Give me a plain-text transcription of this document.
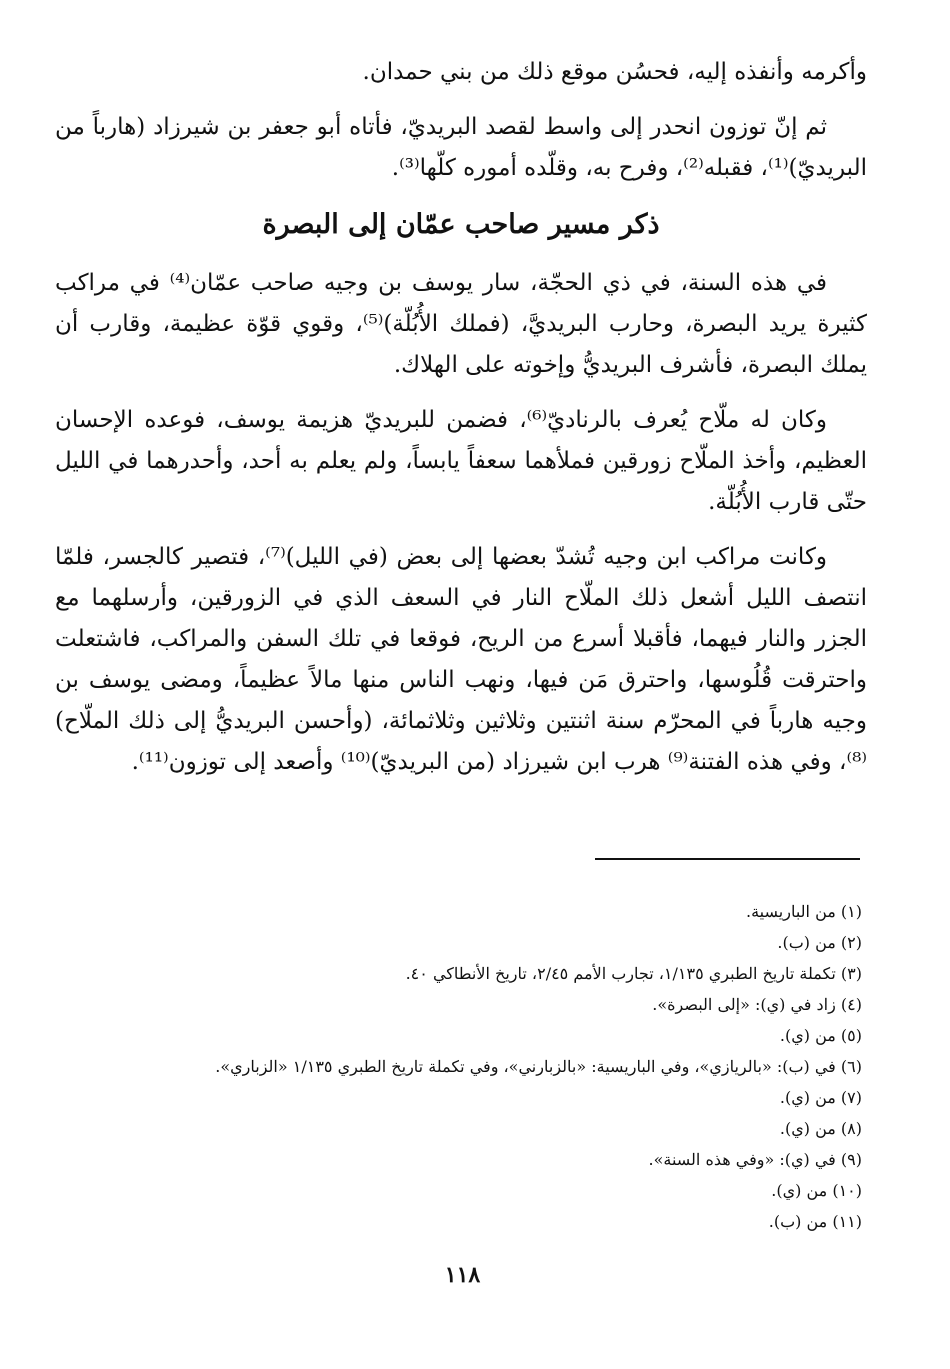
وأكرمه وأنفذه إليه، فحسُن موقع ذلك من بني حمدان.

ثم إنّ توزون انحدر إلى واسط لقصد البريديّ، فأتاه أبو جعفر بن شيرزاد (هارباً من البريديّ)⁽¹⁾، فقبله⁽²⁾، وفرح به، وقلّده أموره كلّها⁽³⁾.

ذكر مسير صاحب عمّان إلى البصرة

في هذه السنة، في ذي الحجّة، سار يوسف بن وجيه صاحب عمّان⁽⁴⁾ في مراكب كثيرة يريد البصرة، وحارب البريديَّ، (فملك الأُبُلّة)⁽⁵⁾، وقوي قوّة عظيمة، وقارب أن يملك البصرة، فأشرف البريديُّ وإخوته على الهلاك.

وكان له ملّاح يُعرف بالرناديّ⁽⁶⁾، فضمن للبريديّ هزيمة يوسف، فوعده الإحسان العظيم، وأخذ الملّاح زورقين فملأهما سعفاً يابساً، ولم يعلم به أحد، وأحدرهما في الليل حتّى قارب الأُبُلّة.

وكانت مراكب ابن وجيه تُشدّ بعضها إلى بعض (في الليل)⁽⁷⁾، فتصير كالجسر، فلمّا انتصف الليل أشعل ذلك الملّاح النار في السعف الذي في الزورقين، وأرسلهما مع الجزر والنار فيهما، فأقبلا أسرع من الريح، فوقعا في تلك السفن والمراكب، فاشتعلت واحترقت قُلُوسها، واحترق مَن فيها، ونهب الناس منها مالاً عظيماً، ومضى يوسف بن وجيه هارباً في المحرّم سنة اثنتين وثلاثين وثلاثمائة، (وأحسن البريديُّ إلى ذلك الملّاح)⁽⁸⁾، وفي هذه الفتنة⁽⁹⁾ هرب ابن شيرزاد (من البريديّ)⁽¹⁰⁾ وأصعد إلى توزون⁽¹¹⁾.

(١) من الباريسية.
(٢) من (ب).
(٣) تكملة تاريخ الطبري ١/١٣٥، تجارب الأمم ٢/٤٥، تاريخ الأنطاكي ٤٠.
(٤) زاد في (ي): «إلى البصرة».
(٥) من (ي).
(٦) في (ب): «بالريازي»، وفي الباريسية: «بالزبارني»، وفي تكملة تاريخ الطبري ١/١٣٥ «الزباري».
(٧) من (ي).
(٨) من (ي).
(٩) في (ي): «وفي هذه السنة».
(١٠) من (ي).
(١١) من (ب).
١١٨
